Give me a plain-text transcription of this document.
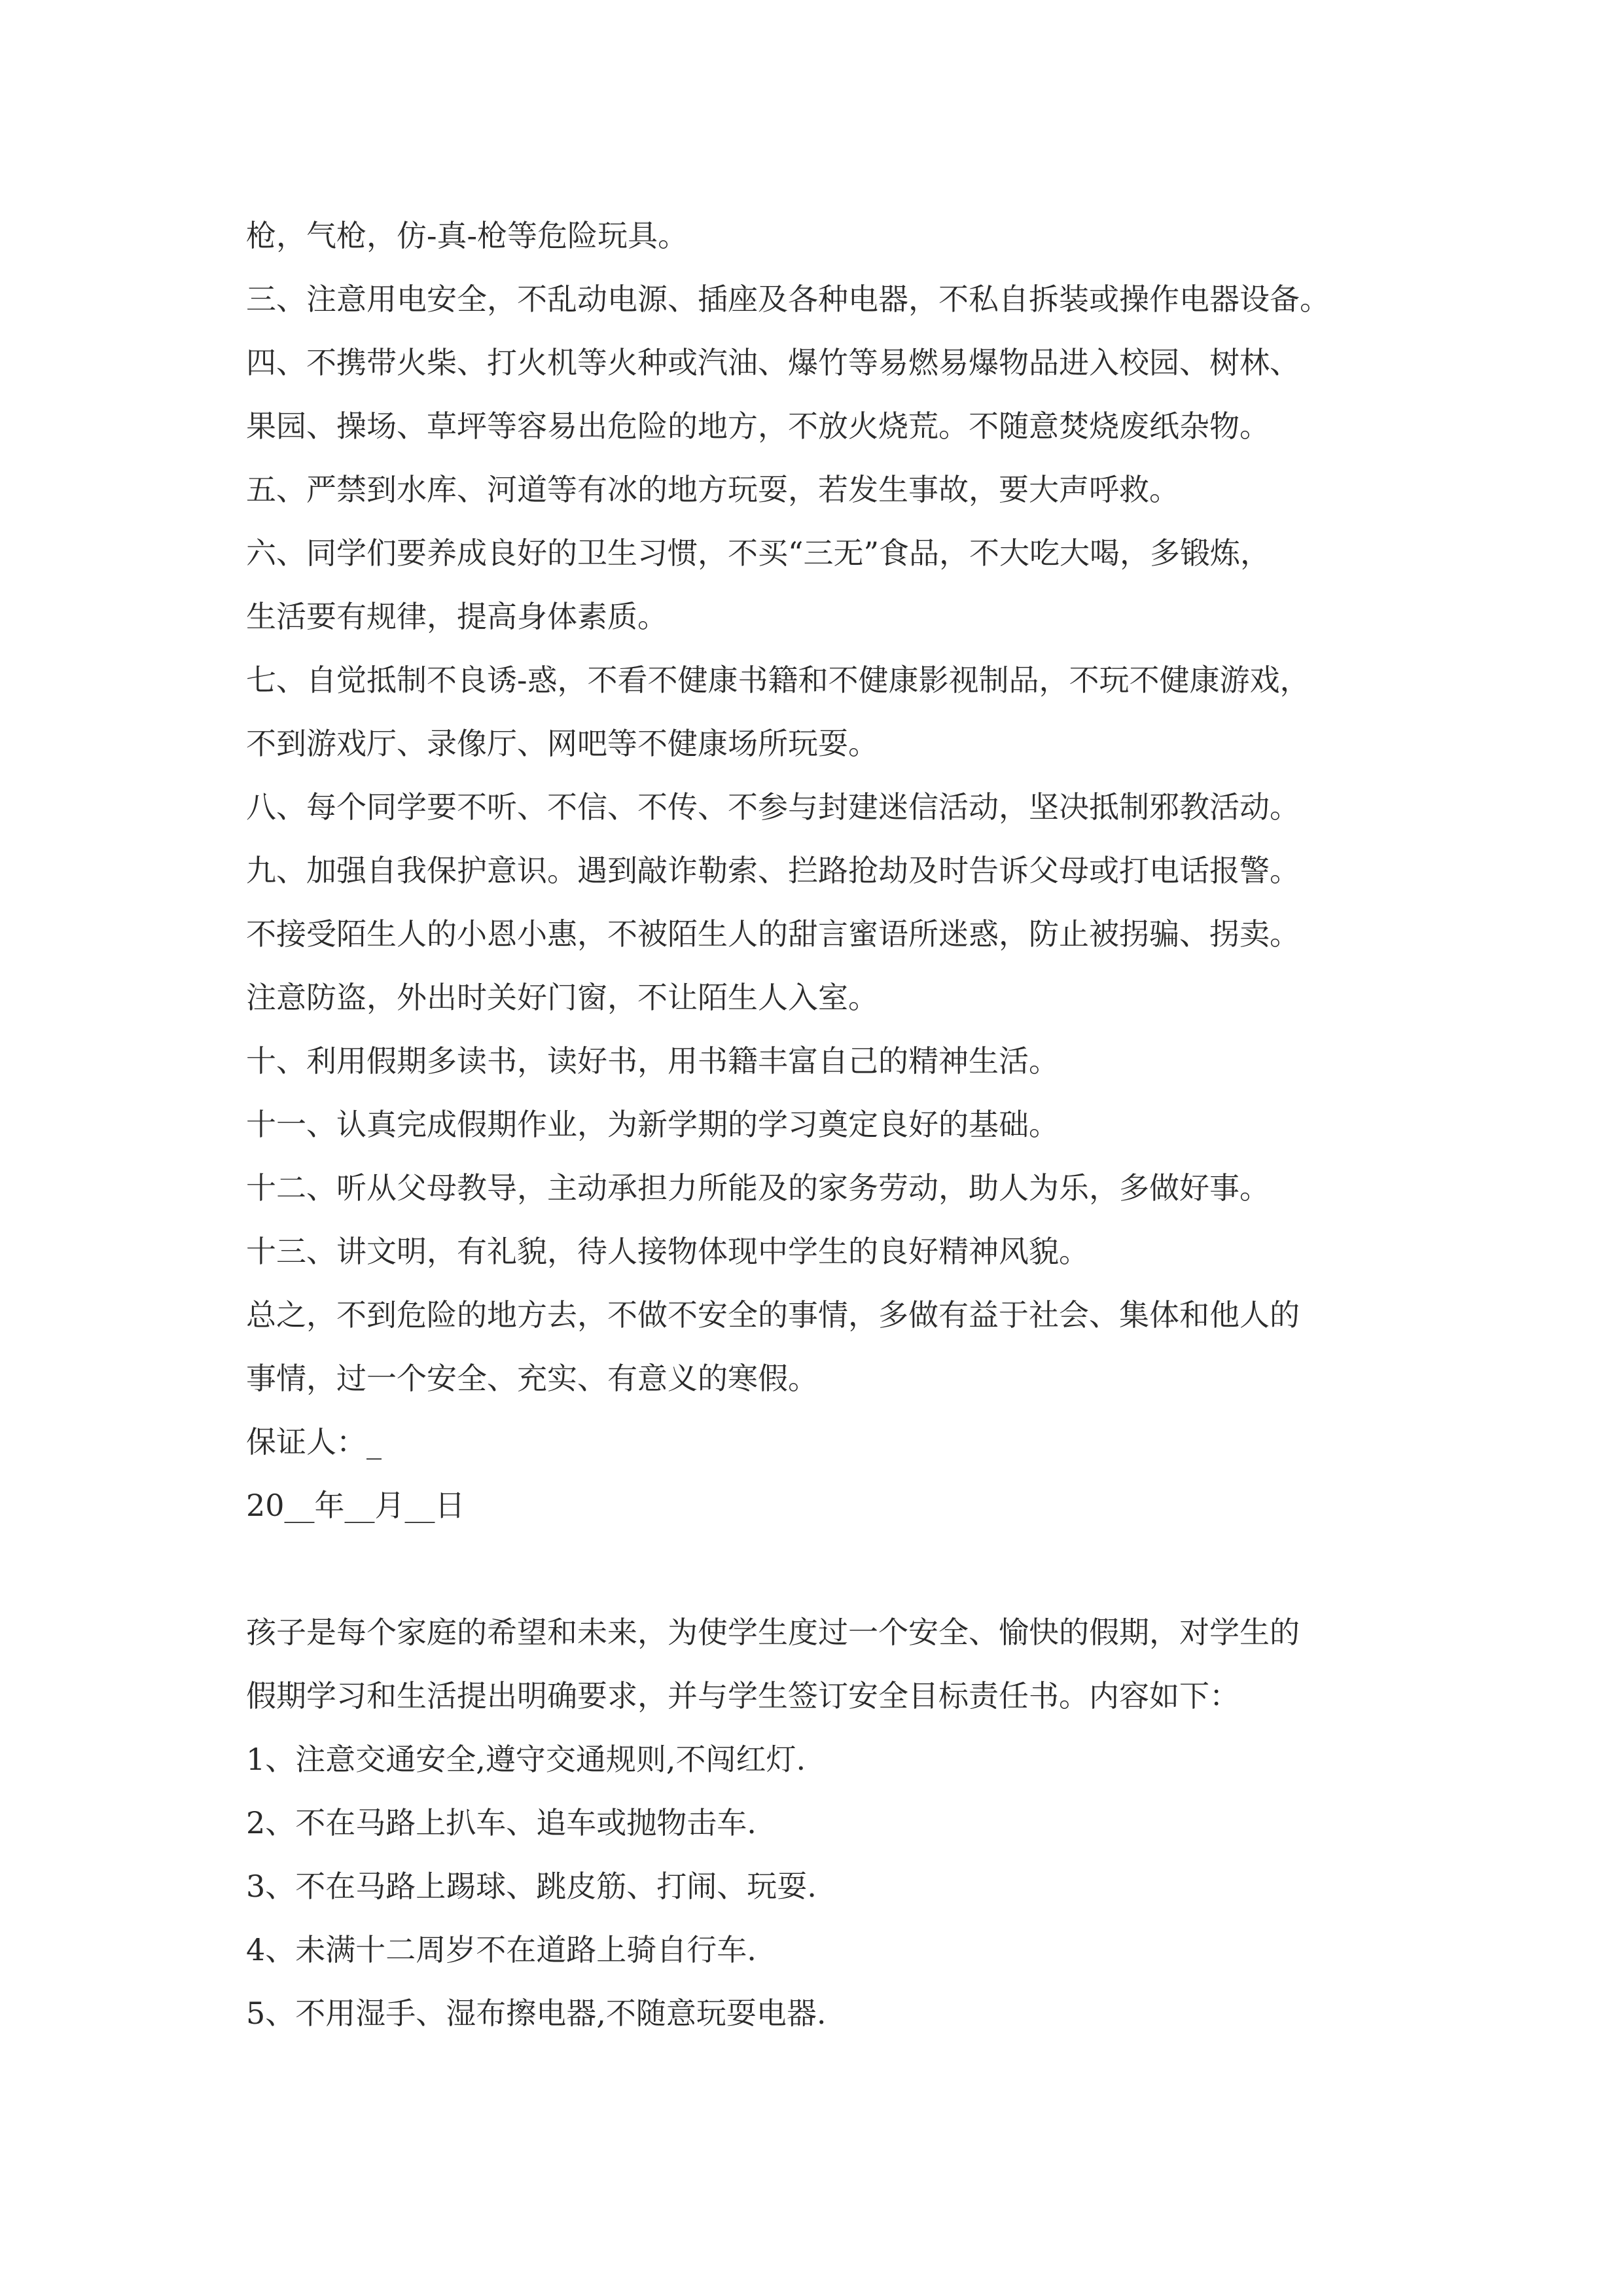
枪，气枪，仿-真-枪等危险玩具。
三、注意用电安全，不乱动电源、插座及各种电器，不私自拆装或操作电器设备。
四、不携带火柴、打火机等火种或汽油、爆竹等易燃易爆物品进入校园、树林、
果园、操场、草坪等容易出危险的地方，不放火烧荒。不随意焚烧废纸杂物。
五、严禁到水库、河道等有冰的地方玩耍，若发生事故，要大声呼救。
六、同学们要养成良好的卫生习惯，不买“三无”食品，不大吃大喝，多锻炼，
生活要有规律，提高身体素质。
七、自觉抵制不良诱-惑，不看不健康书籍和不健康影视制品，不玩不健康游戏，
不到游戏厅、录像厅、网吧等不健康场所玩耍。
八、每个同学要不听、不信、不传、不参与封建迷信活动，坚决抵制邪教活动。
九、加强自我保护意识。遇到敲诈勒索、拦路抢劫及时告诉父母或打电话报警。
不接受陌生人的小恩小惠，不被陌生人的甜言蜜语所迷惑，防止被拐骗、拐卖。
注意防盗，外出时关好门窗，不让陌生人入室。
十、利用假期多读书，读好书，用书籍丰富自己的精神生活。
十一、认真完成假期作业，为新学期的学习奠定良好的基础。
十二、听从父母教导，主动承担力所能及的家务劳动，助人为乐，多做好事。
十三、讲文明，有礼貌，待人接物体现中学生的良好精神风貌。
总之，不到危险的地方去，不做不安全的事情，多做有益于社会、集体和他人的
事情，过一个安全、充实、有意义的寒假。
保证人：_
20__年__月__日
孩子是每个家庭的希望和未来，为使学生度过一个安全、愉快的假期，对学生的
假期学习和生活提出明确要求，并与学生签订安全目标责任书。内容如下：
1、注意交通安全,遵守交通规则,不闯红灯.
2、不在马路上扒车、追车或抛物击车.
3、不在马路上踢球、跳皮筋、打闹、玩耍.
4、未满十二周岁不在道路上骑自行车.
5、不用湿手、湿布擦电器,不随意玩耍电器.
